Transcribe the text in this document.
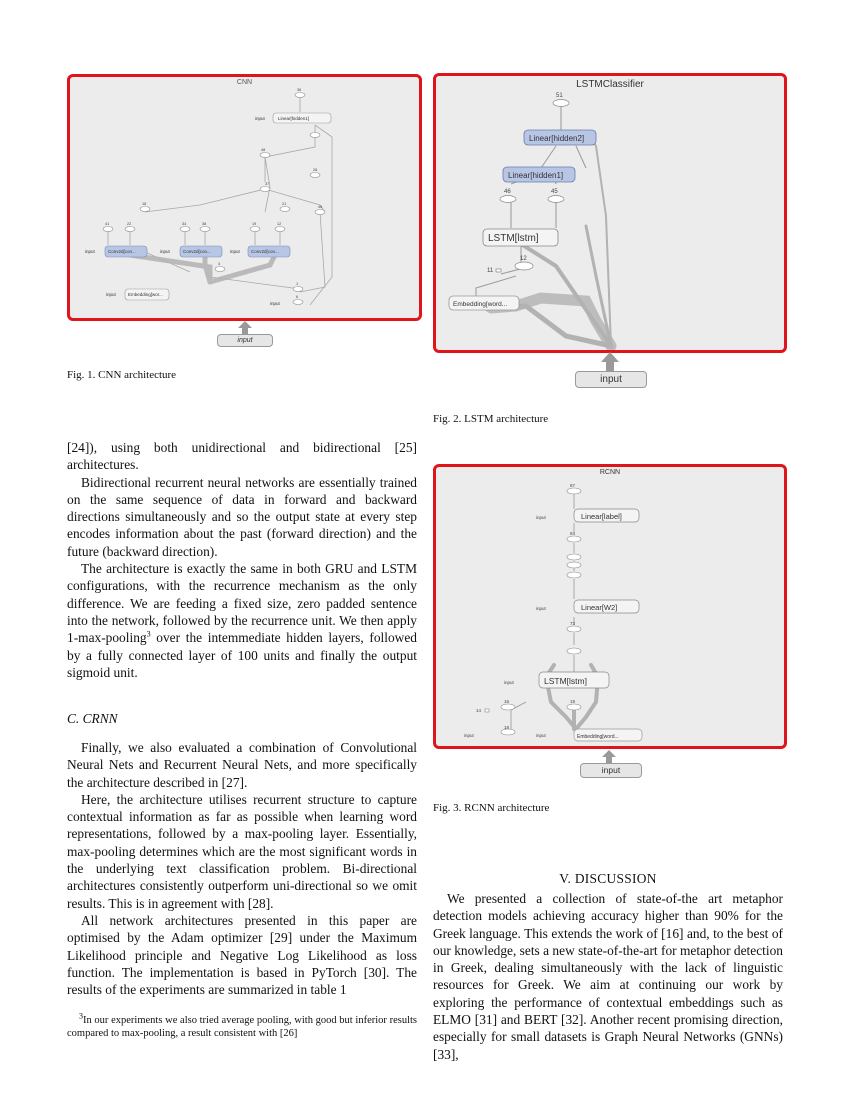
CNN
Linear[hidden1]
Conv2d[con...	Conv2d[con...	Conv2d[con...
Embedding[wor...
input
input	input	input
input
input
36
48
37
28
18	21
46
41	22	34	38	19	12
4
1
6
input
Fig. 1. CNN architecture
LSTMClassifier
Linear[hidden2]
Linear[hidden1]
LSTM[lstm]
Embedding[word...
51
46	45
12
11
input
Fig. 2. LSTM architecture
RCNN
Linear[label]
Linear[W2]
LSTM[lstm]
Embedding[word...
input
input
input
input	input
87
84
73
16	19
18
14
input
Fig. 3. RCNN architecture

[24]), using both unidirectional and bidirectional [25] architectures.

Bidirectional recurrent neural networks are essentially trained on the same sequence of data in forward and backward directions simultaneously and so the output state at every step encodes information about the past (forward direction) and the future (backward direction).

The architecture is exactly the same in both GRU and LSTM configurations, with the recurrence mechanism as the only difference. We are feeding a fixed size, zero padded sentence into the network, followed by the recurrence unit. We then apply 1-max-pooling$^3$ over the intemmediate hidden layers, followed by a fully connected layer of 100 units and finally the output sigmoid unit.

C. CRNN

Finally, we also evaluated a combination of Convolutional Neural Nets and Recurrent Neural Nets, and more specifically the architecture described in [27].

Here, the architecture utilises recurrent structure to capture contextual information as far as possible when learning word representations, followed by a max-pooling layer. Essentially, max-pooling determines which are the most significant words in the underlying text classification problem. Bi-directional architectures consistently outperform uni-directional so we omit results. This is in agreement with [28].

All network architectures presented in this paper are optimised by the Adam optimizer [29] under the Maximum Likelihood principle and Negative Log Likelihood as loss function. The implementation is based in PyTorch [30]. The results of the experiments are summarized in table 1

$^3$In our experiments we also tried average pooling, with good but inferior results compared to max-pooling, a result consistent with [26]
V. DISCUSSION

We presented a collection of state-of-the art metaphor detection models achieving accuracy higher than 90% for the Greek language. This extends the work of [16] and, to the best of our knowledge, sets a new state-of-the-art for metaphor detection in Greek, dealing simultaneously with the lack of linguistic resources for Greek. We aim at continuing our work by exploring the performance of contextual embeddings such as ELMO [31] and BERT [32]. Another recent promising direction, especially for small datasets is Graph Neural Networks (GNNs) [33],
